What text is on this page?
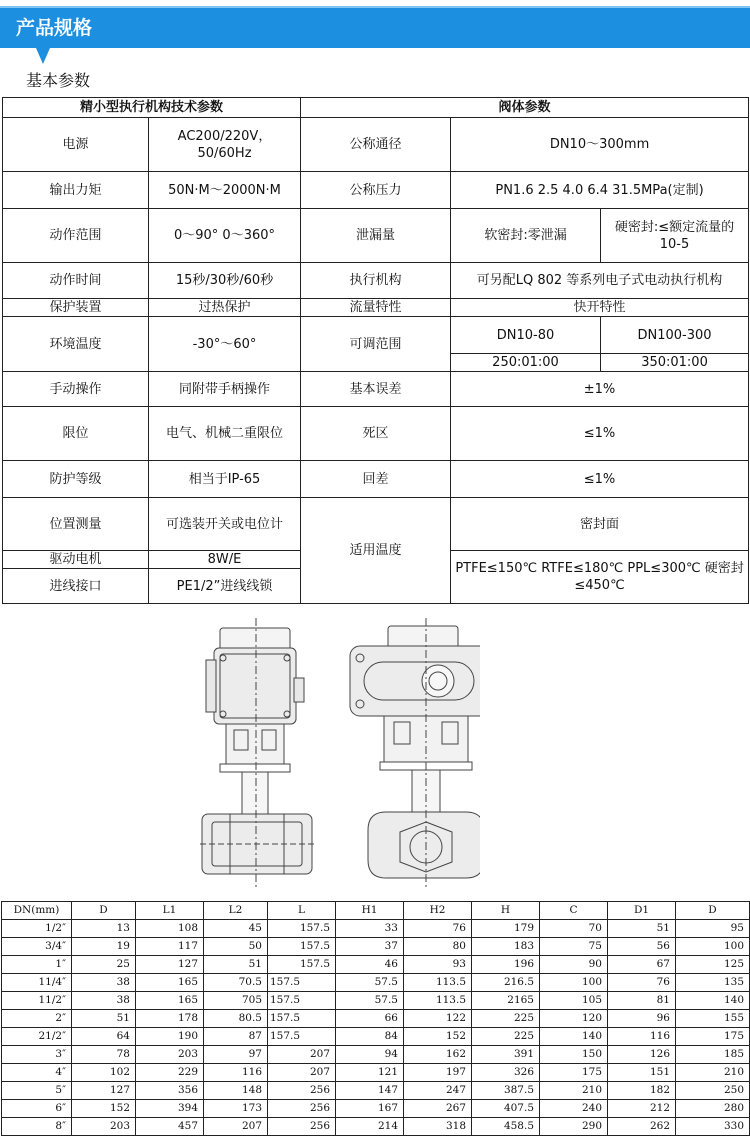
产品规格
基本参数
精小型执行机构技术参数		阀体参数		
电源	AC200/220V，50/60Hz	公称通径	DN10～300mm	
输出力矩	50N·M～2000N·M	公称压力	PN1.6 2.5 4.0 6.4 31.5MPa(定制)	
动作范围	0～90° 0～360°	泄漏量	软密封:零泄漏	硬密封:≤额定流量的10-5
动作时间	15秒/30秒/60秒	执行机构	可另配LQ 802 等系列电子式电动执行机构	
保护装置	过热保护	流量特性	快开特性	
环境温度	-30°～60°	可调范围	DN10-80	DN100-300
			250:01:00	350:01:00
手动操作	同附带手柄操作	基本误差	±1%	
限位	电气、机械二重限位	死区	≤1%	
防护等级	相当于IP-65	回差	≤1%	
位置测量	可选装开关或电位计	适用温度	密封面	
驱动电机	8W/E		PTFE≤150℃ RTFE≤180℃ PPL≤300℃ 硬密封≤450℃	
进线接口	PE1/2”进线线锁			
DN(mm)	D	L1	L2	L	H1	H2	H	C	D1	D
1/2″	13	108	45	157.5	33	76	179	70	51	95
3/4″	19	117	50	157.5	37	80	183	75	56	100
1″	25	127	51	157.5	46	93	196	90	67	125
11/4″	38	165	70.5	157.5	57.5	113.5	216.5	100	76	135
11/2″	38	165	705	157.5	57.5	113.5	2165	105	81	140
2″	51	178	80.5	157.5	66	122	225	120	96	155
21/2″	64	190	87	157.5	84	152	225	140	116	175
3″	78	203	97	207	94	162	391	150	126	185
4″	102	229	116	207	121	197	326	175	151	210
5″	127	356	148	256	147	247	387.5	210	182	250
6″	152	394	173	256	167	267	407.5	240	212	280
8″	203	457	207	256	214	318	458.5	290	262	330
